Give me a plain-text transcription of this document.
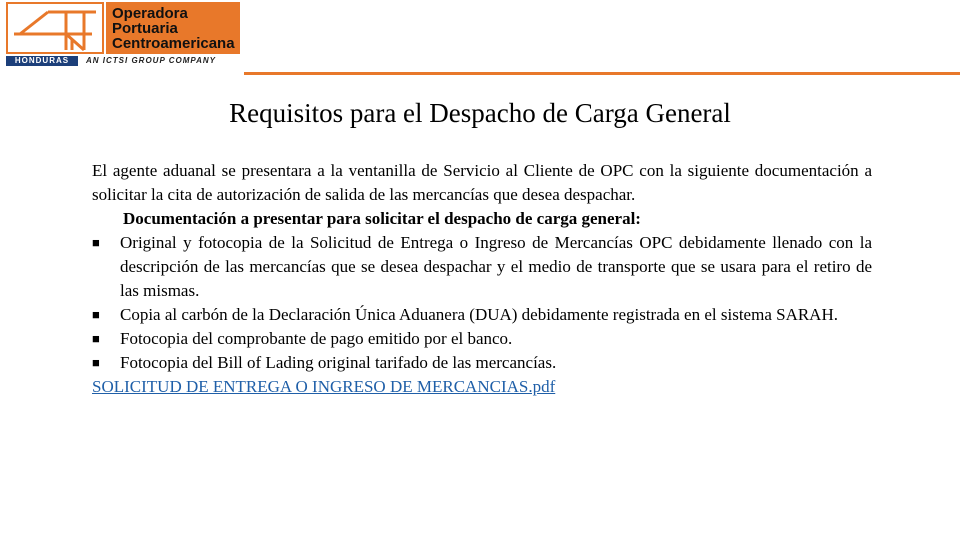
Operadora
Portuaria
Centroamericana
HONDURAS	AN ICTSI GROUP COMPANY
Requisitos para el Despacho de Carga General

El agente aduanal se presentara a la ventanilla de Servicio al Cliente de OPC con la siguiente documentación a solicitar la cita de autorización de salida de las mercancías que desea despachar.

Documentación a presentar para solicitar el despacho de carga general:

■ Original y fotocopia de la Solicitud de Entrega o Ingreso de Mercancías OPC debidamente llenado con la descripción de las mercancías que se desea despachar y el medio de transporte que se usara para el retiro de las mismas.

■ Copia al carbón de la Declaración Única Aduanera (DUA) debidamente registrada en el sistema SARAH.

■ Fotocopia del comprobante de pago emitido por el banco.

■ Fotocopia del Bill of Lading original tarifado de las mercancías.

SOLICITUD DE ENTREGA O INGRESO DE MERCANCIAS.pdf
